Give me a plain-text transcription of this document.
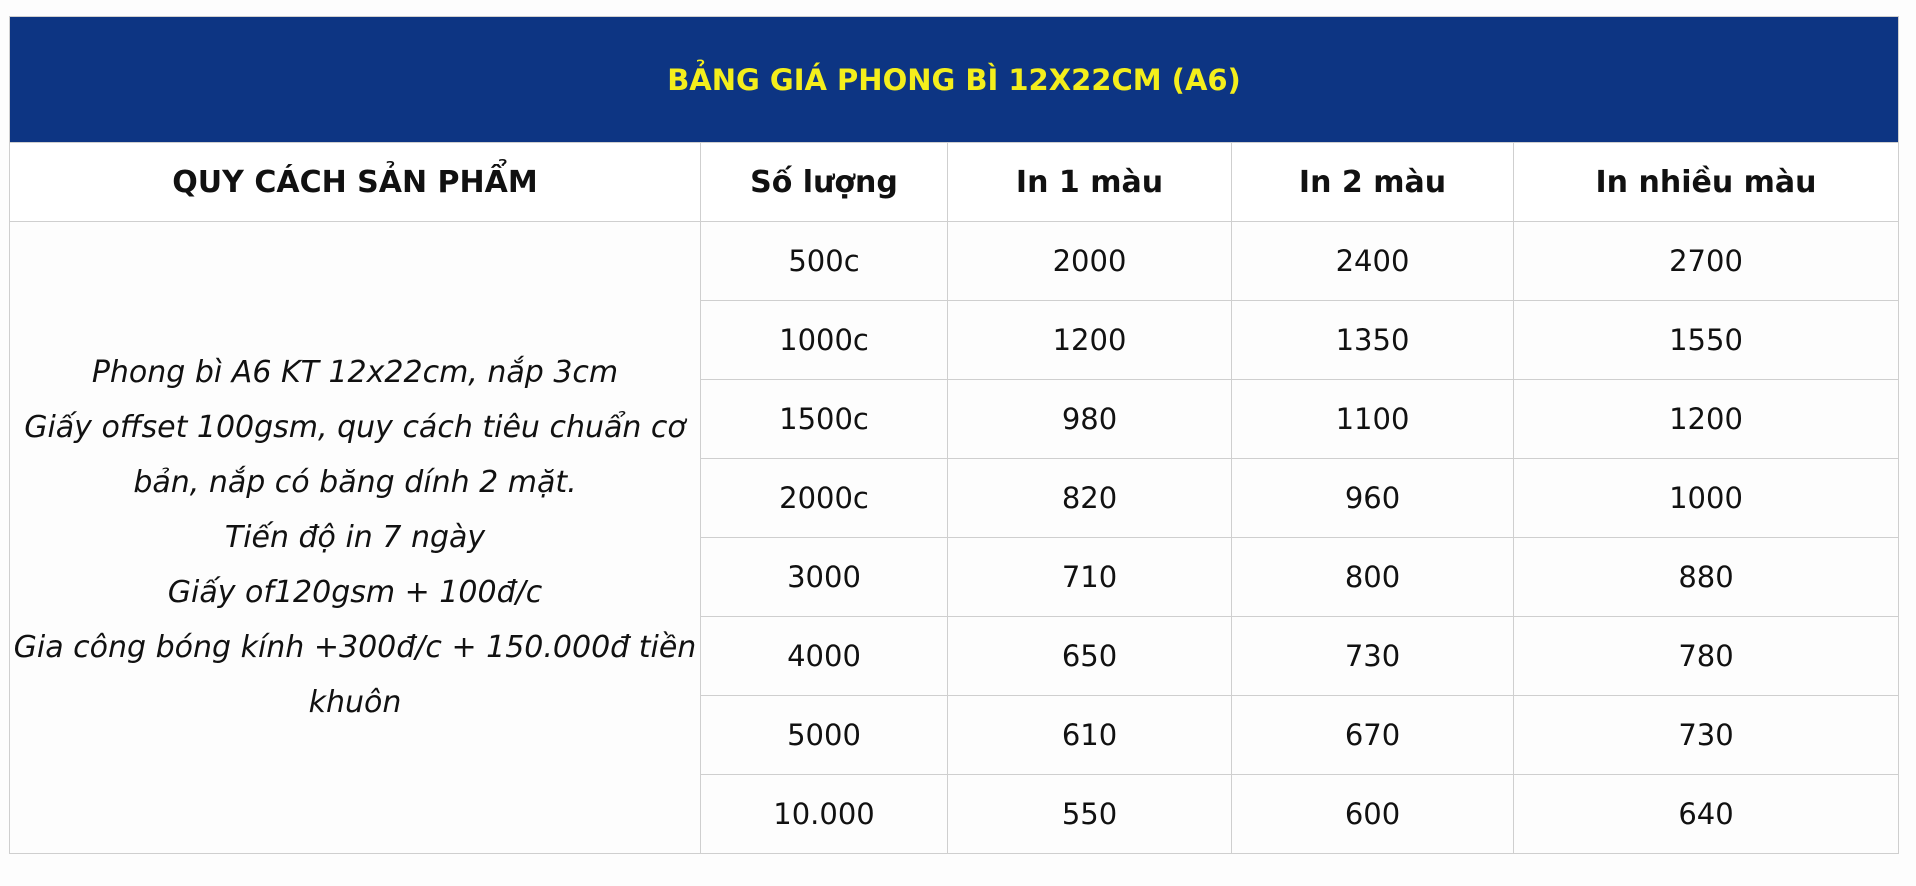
BẢNG GIÁ PHONG BÌ 12X22CM (A6)				
QUY CÁCH SẢN PHẨM	Số lượng	In 1 màu	In 2 màu	In nhiều màu

Phong bì A6 KT 12x22cm, nắp 3cm
Giấy offset 100gsm, quy cách tiêu chuẩn cơ bản, nắp có băng dính 2 mặt.
Tiến độ in 7 ngày
Giấy of120gsm + 100đ/c
Gia công bóng kính +300đ/c + 150.000đ tiền khuôn	500c	2000	2400	2700
	1000c	1200	1350	1550
	1500c	980	1100	1200
	2000c	820	960	1000
	3000	710	800	880
	4000	650	730	780
	5000	610	670	730
	10.000	550	600	640
